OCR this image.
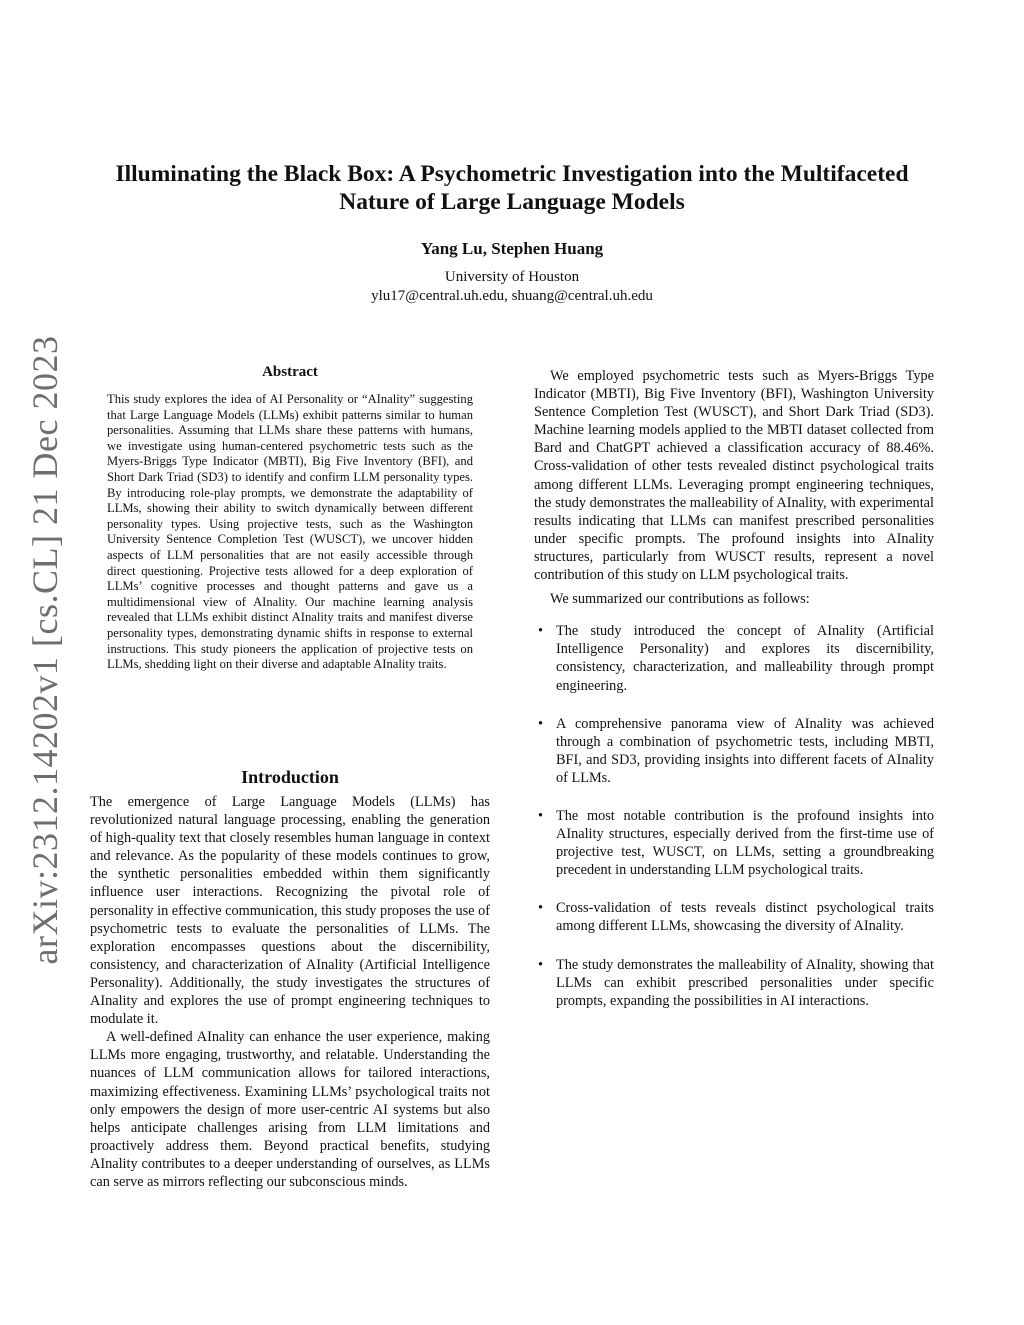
arXiv:2312.14202v1 [cs.CL] 21 Dec 2023
Illuminating the Black Box: A Psychometric Investigation into the Multifaceted Nature of Large Language Models
Yang Lu, Stephen Huang
University of Houston
ylu17@central.uh.edu, shuang@central.uh.edu
Abstract
This study explores the idea of AI Personality or “AInality” suggesting that Large Language Models (LLMs) exhibit patterns similar to human personalities. Assuming that LLMs share these patterns with humans, we investigate using human-centered psychometric tests such as the Myers-Briggs Type Indicator (MBTI), Big Five Inventory (BFI), and Short Dark Triad (SD3) to identify and confirm LLM personality types. By introducing role-play prompts, we demonstrate the adaptability of LLMs, showing their ability to switch dynamically between different personality types. Using projective tests, such as the Washington University Sentence Completion Test (WUSCT), we uncover hidden aspects of LLM personalities that are not easily accessible through direct questioning. Projective tests allowed for a deep exploration of LLMs’ cognitive processes and thought patterns and gave us a multidimensional view of AInality. Our machine learning analysis revealed that LLMs exhibit distinct AInality traits and manifest diverse personality types, demonstrating dynamic shifts in response to external instructions. This study pioneers the application of projective tests on LLMs, shedding light on their diverse and adaptable AInality traits.
Introduction

The emergence of Large Language Models (LLMs) has revolutionized natural language processing, enabling the generation of high-quality text that closely resembles human language in context and relevance. As the popularity of these models continues to grow, the synthetic personalities embedded within them significantly influence user interactions. Recognizing the pivotal role of personality in effective communication, this study proposes the use of psychometric tests to evaluate the personalities of LLMs. The exploration encompasses questions about the discernibility, consistency, and characterization of AInality (Artificial Intelligence Personality). Additionally, the study investigates the structures of AInality and explores the use of prompt engineering techniques to modulate it.

A well-defined AInality can enhance the user experience, making LLMs more engaging, trustworthy, and relatable. Understanding the nuances of LLM communication allows for tailored interactions, maximizing effectiveness. Examining LLMs’ psychological traits not only empowers the design of more user-centric AI systems but also helps anticipate challenges arising from LLM limitations and proactively address them. Beyond practical benefits, studying AInality contributes to a deeper understanding of ourselves, as LLMs can serve as mirrors reflecting our subconscious minds.

We employed psychometric tests such as Myers-Briggs Type Indicator (MBTI), Big Five Inventory (BFI), Washington University Sentence Completion Test (WUSCT), and Short Dark Triad (SD3). Machine learning models applied to the MBTI dataset collected from Bard and ChatGPT achieved a classification accuracy of 88.46%. Cross-validation of other tests revealed distinct psychological traits among different LLMs. Leveraging prompt engineering techniques, the study demonstrates the malleability of AInality, with experimental results indicating that LLMs can manifest prescribed personalities under specific prompts. The profound insights into AInality structures, particularly from WUSCT results, represent a novel contribution of this study on LLM psychological traits.

We summarized our contributions as follows:

• The study introduced the concept of AInality (Artificial Intelligence Personality) and explores its discernibility, consistency, characterization, and malleability through prompt engineering.
• A comprehensive panorama view of AInality was achieved through a combination of psychometric tests, including MBTI, BFI, and SD3, providing insights into different facets of AInality of LLMs.
• The most notable contribution is the profound insights into AInality structures, especially derived from the first-time use of projective test, WUSCT, on LLMs, setting a groundbreaking precedent in understanding LLM psychological traits.
• Cross-validation of tests reveals distinct psychological traits among different LLMs, showcasing the diversity of AInality.
• The study demonstrates the malleability of AInality, showing that LLMs can exhibit prescribed personalities under specific prompts, expanding the possibilities in AI interactions.
